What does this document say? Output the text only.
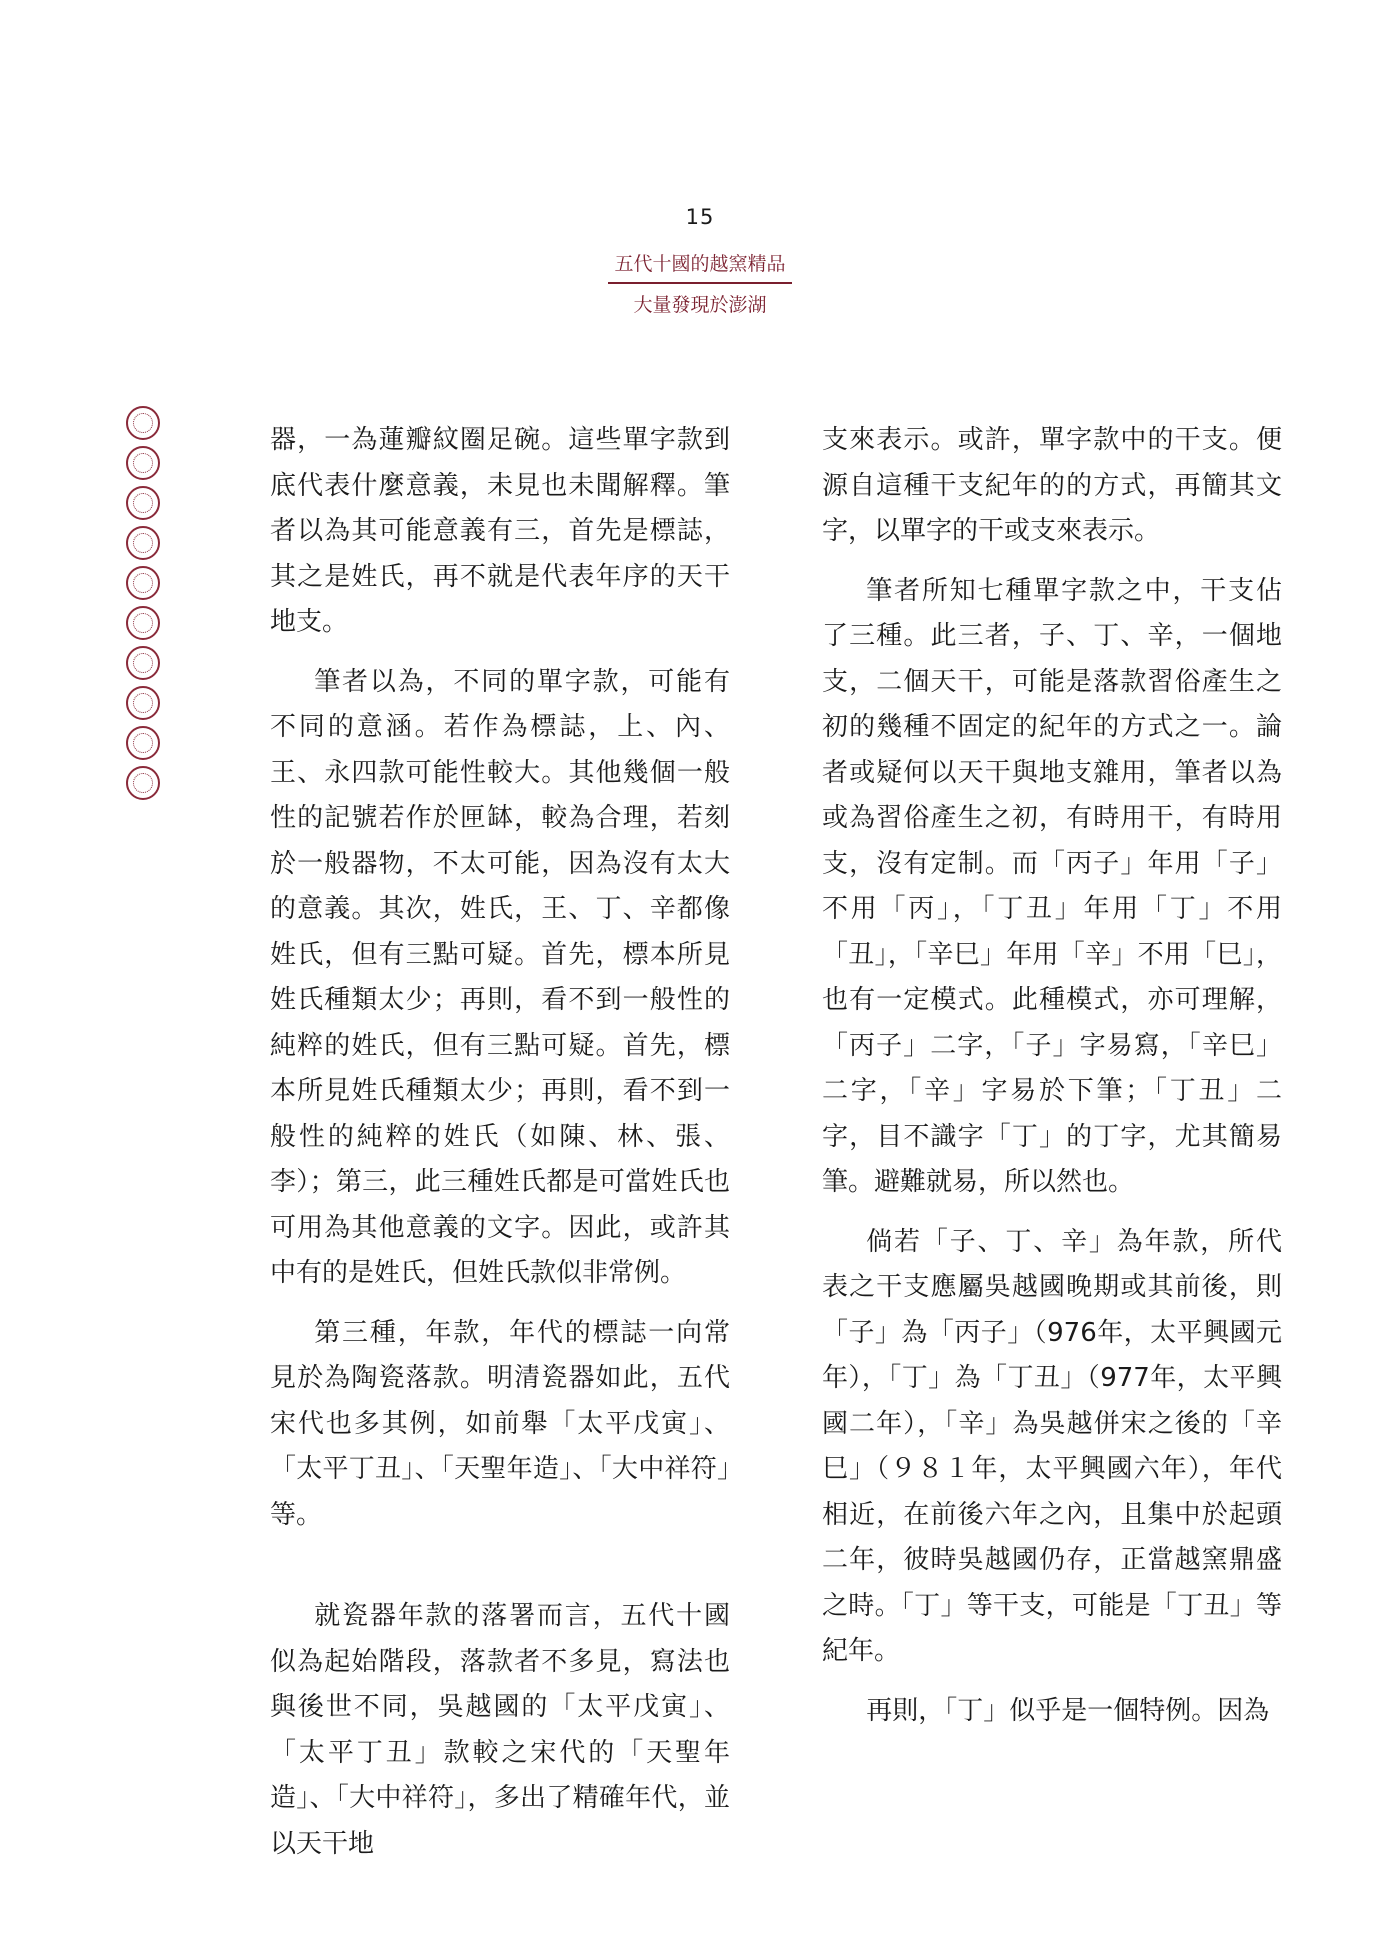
15
五代十國的越窯精品
大量發現於澎湖

器，一為蓮瓣紋圈足碗。這些單字款到底代表什麼意義，未見也未聞解釋。筆者以為其可能意義有三，首先是標誌，其之是姓氏，再不就是代表年序的天干地支。

筆者以為，不同的單字款，可能有不同的意涵。若作為標誌，上、內、王、永四款可能性較大。其他幾個一般性的記號若作於匣缽，較為合理，若刻於一般器物，不太可能，因為沒有太大的意義。其次，姓氏，王、丁、辛都像姓氏，但有三點可疑。首先，標本所見姓氏種類太少；再則，看不到一般性的純粹的姓氏，但有三點可疑。首先，標本所見姓氏種類太少；再則，看不到一般性的純粹的姓氏（如陳、林、張、李）；第三，此三種姓氏都是可當姓氏也可用為其他意義的文字。因此，或許其中有的是姓氏，但姓氏款似非常例。

第三種，年款，年代的標誌一向常見於為陶瓷落款。明清瓷器如此，五代宋代也多其例，如前舉「太平戊寅」、「太平丁丑」、「天聖年造」、「大中祥符」等。

就瓷器年款的落署而言，五代十國似為起始階段，落款者不多見，寫法也與後世不同，吳越國的「太平戊寅」、「太平丁丑」款較之宋代的「天聖年造」、「大中祥符」，多出了精確年代，並以天干地

支來表示。或許，單字款中的干支。便源自這種干支紀年的的方式，再簡其文字，以單字的干或支來表示。

筆者所知七種單字款之中，干支佔了三種。此三者，子、丁、辛，一個地支，二個天干，可能是落款習俗產生之初的幾種不固定的紀年的方式之一。論者或疑何以天干與地支雜用，筆者以為或為習俗產生之初，有時用干，有時用支，沒有定制。而「丙子」年用「子」不用「丙」，「丁丑」年用「丁」不用「丑」，「辛巳」年用「辛」不用「巳」，也有一定模式。此種模式，亦可理解，「丙子」二字，「子」字易寫，「辛巳」二字，「辛」字易於下筆；「丁丑」二字，目不識字「丁」的丁字，尤其簡易筆。避難就易，所以然也。

倘若「子、丁、辛」為年款，所代表之干支應屬吳越國晚期或其前後，則「子」為「丙子」（976年，太平興國元年），「丁」為「丁丑」（977年，太平興國二年），「辛」為吳越併宋之後的「辛巳」（９８１年，太平興國六年），年代相近，在前後六年之內，且集中於起頭二年，彼時吳越國仍存，正當越窯鼎盛之時。「丁」等干支，可能是「丁丑」等紀年。

再則，「丁」似乎是一個特例。因為
